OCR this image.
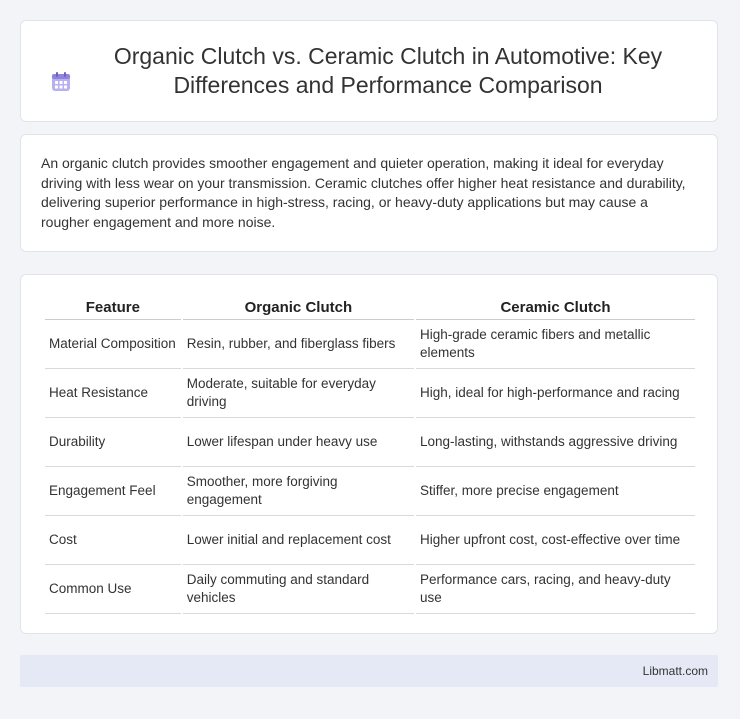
Organic Clutch vs. Ceramic Clutch in Automotive: Key Differences and Performance Comparison

An organic clutch provides smoother engagement and quieter operation, making it ideal for everyday driving with less wear on your transmission. Ceramic clutches offer higher heat resistance and durability, delivering superior performance in high-stress, racing, or heavy-duty applications but may cause a rougher engagement and more noise.

Feature	Organic Clutch	Ceramic Clutch
Material Composition	Resin, rubber, and fiberglass fibers	High-grade ceramic fibers and metallic elements
Heat Resistance	Moderate, suitable for everyday driving	High, ideal for high-performance and racing
Durability	Lower lifespan under heavy use	Long-lasting, withstands aggressive driving
Engagement Feel	Smoother, more forgiving engagement	Stiffer, more precise engagement
Cost	Lower initial and replacement cost	Higher upfront cost, cost-effective over time
Common Use	Daily commuting and standard vehicles	Performance cars, racing, and heavy-duty use
Libmatt.com
